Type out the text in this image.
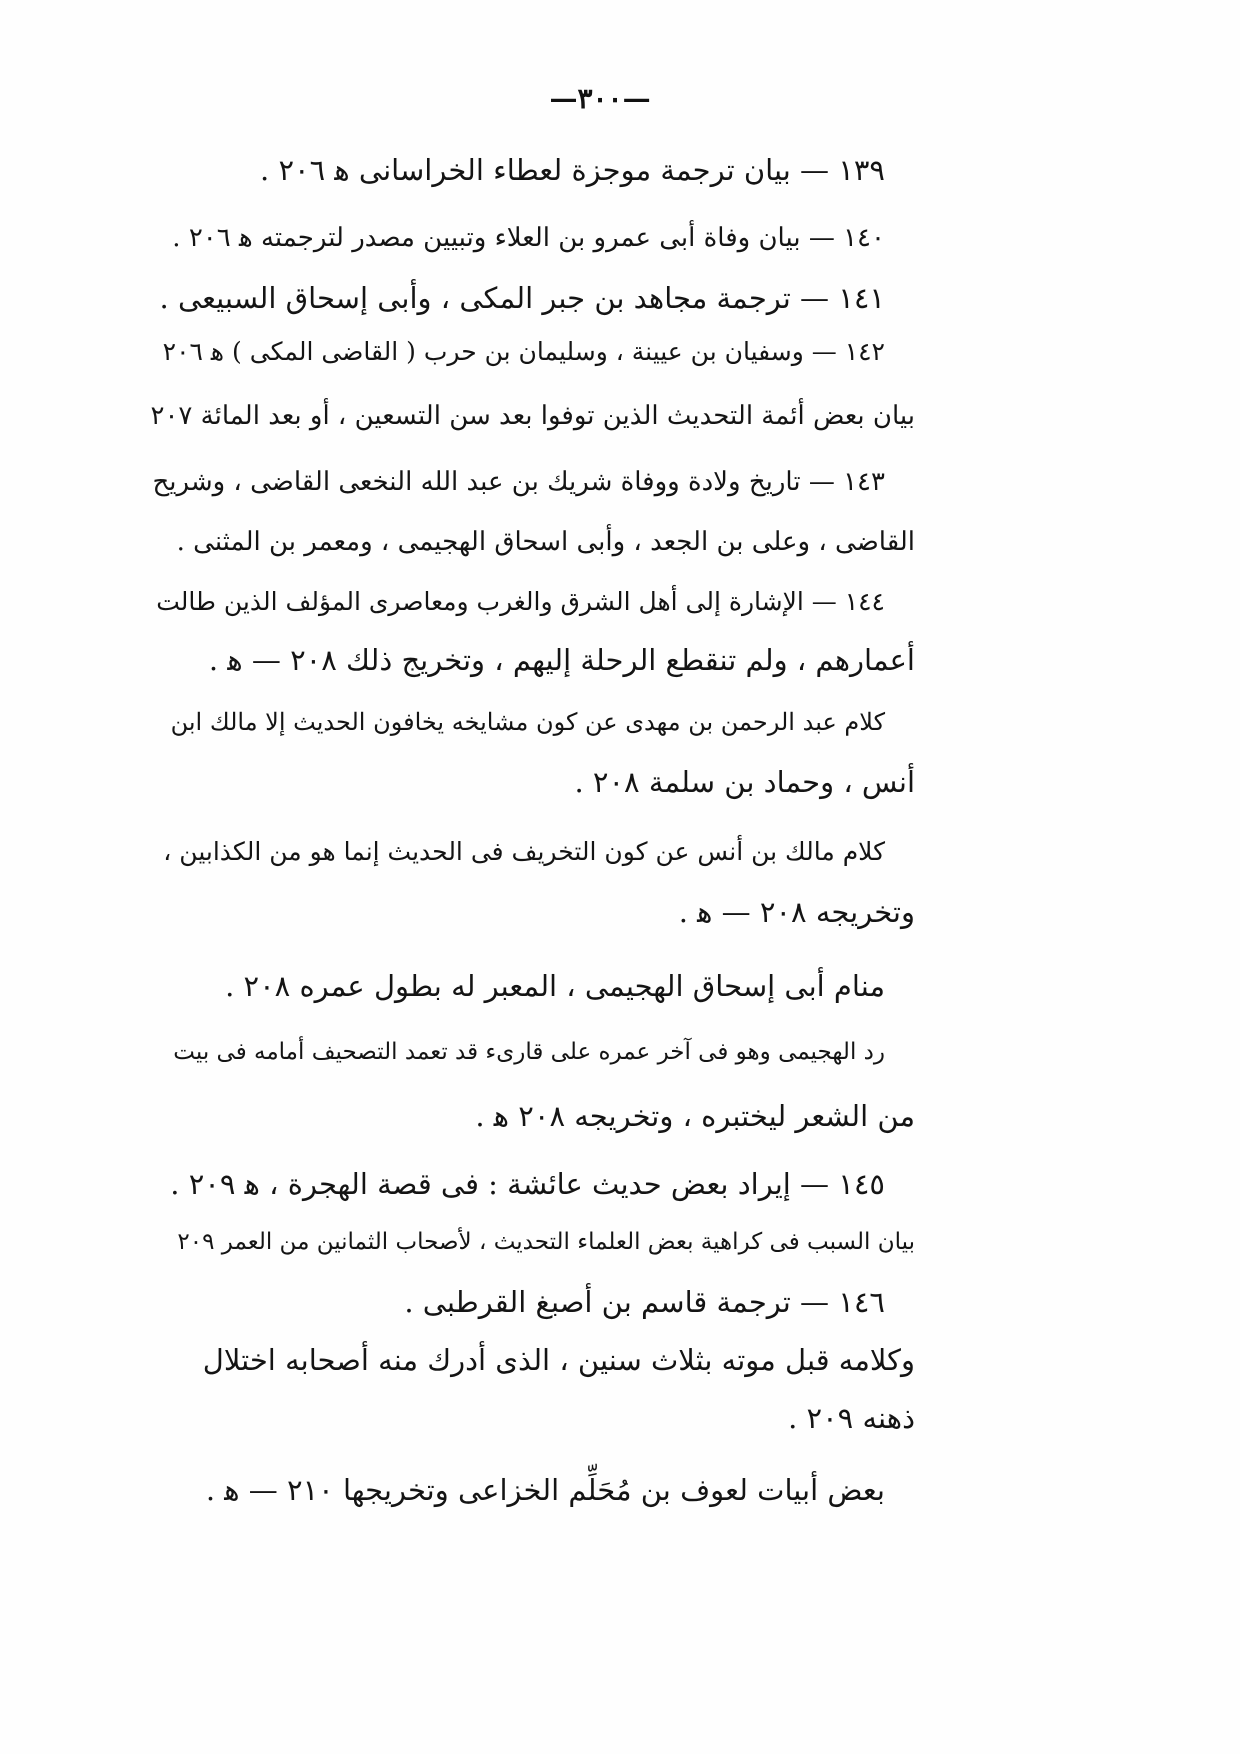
—٣٠٠—
١٣٩ — بيان ترجمة موجزة لعطاء الخراسانى ﻫ ٢٠٦ .
١٤٠ — بيان وفاة أبى عمرو بن العلاء وتبيين مصدر لترجمته ﻫ ٢٠٦ .
١٤١ — ترجمة مجاهد بن جبر المكى ، وأبى إسحاق السبيعى .
١٤٢ — وسفيان بن عيينة ، وسليمان بن حرب ( القاضى المكى ) ﻫ ٢٠٦
بيان بعض أئمة التحديث الذين توفوا بعد سن التسعين ، أو بعد المائة ٢٠٧
١٤٣ — تاريخ ولادة ووفاة شريك بن عبد الله النخعى القاضى ، وشريح
القاضى ، وعلى بن الجعد ، وأبى اسحاق الهجيمى ، ومعمر بن المثنى .
١٤٤ — الإشارة إلى أهل الشرق والغرب ومعاصرى المؤلف الذين طالت
أعمارهم ، ولم تنقطع الرحلة إليهم ، وتخريج ذلك ٢٠٨ — ﻫ .
كلام عبد الرحمن بن مهدى عن كون مشايخه يخافون الحديث إلا مالك ابن
أنس ، وحماد بن سلمة ٢٠٨ .
كلام مالك بن أنس عن كون التخريف فى الحديث إنما هو من الكذابين ،
وتخريجه ٢٠٨ — ﻫ .
منام أبى إسحاق الهجيمى ، المعبر له بطول عمره ٢٠٨ .
رد الهجيمى وهو فى آخر عمره على قارىء قد تعمد التصحيف أمامه فى بيت
من الشعر ليختبره ، وتخريجه ٢٠٨ ﻫ .
١٤٥ — إيراد بعض حديث عائشة : فى قصة الهجرة ، ﻫ ٢٠٩ .
بيان السبب فى كراهية بعض العلماء التحديث ، لأصحاب الثمانين من العمر ٢٠٩
١٤٦ — ترجمة قاسم بن أصبغ القرطبى .
وكلامه قبل موته بثلاث سنين ، الذى أدرك منه أصحابه اختلال
ذهنه ٢٠٩ .
بعض أبيات لعوف بن مُحَلِّم الخزاعى وتخريجها ٢١٠ — ﻫ .
